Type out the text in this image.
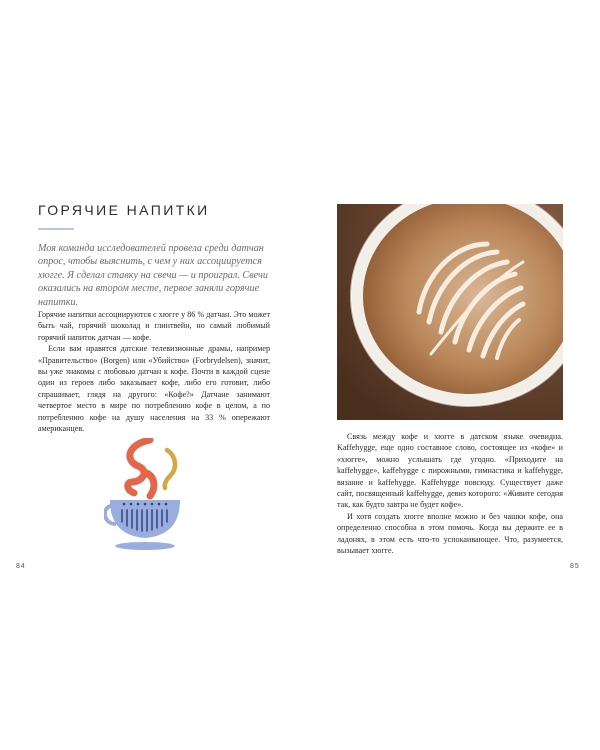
ГОРЯЧИЕ НАПИТКИ
Моя команда исследователей провела среди датчан опрос, чтобы выяснить, с чем у них ассоциируется хюгге. Я сделал ставку на свечи — и проиграл. Свечи оказались на втором месте, первое заняли горячие напитки.
Горячие напитки ассоциируются с хюгге у 86 % датчан. Это может быть чай, горячий шоколад и глинтвейн, но самый любимый горячий напиток датчан — кофе.
Если вам нравятся датские телевизионные драмы, например «Правительство» (Borgen) или «Убийство» (Forbrydelsen), значит, вы уже знакомы с любовью датчан к кофе. Почти в каждой сцене один из героев либо заказывает кофе, либо его готовит, либо спрашивает, глядя на другого: «Кофе?» Датчане занимают четвертое место в мире по потреблению кофе в целом, а по потреблению кофе на душу населения на 33 % опережают американцев.
84
Связь между кофе и хюгге в датском языке очевидна. Kaffehygge, еще одно составное слово, состоящее из «кофе» и «хюгге», можно услышать где угодно. «Приходите на kaffehygge», kaffehygge с пирожными, гимнастика и kaffehygge, вязание и kaffehygge. Kaffehygge повсюду. Существует даже сайт, посвященный kaffehygge, девиз которого: «Живите сегодня так, как будто завтра не будет кофе».
И хотя создать хюгге вполне можно и без чашки кофе, она определенно способна в этом помочь. Когда вы держите ее в ладонях, в этом есть что-то успокаивающее. Что, разумеется, вызывает хюгге.
85
